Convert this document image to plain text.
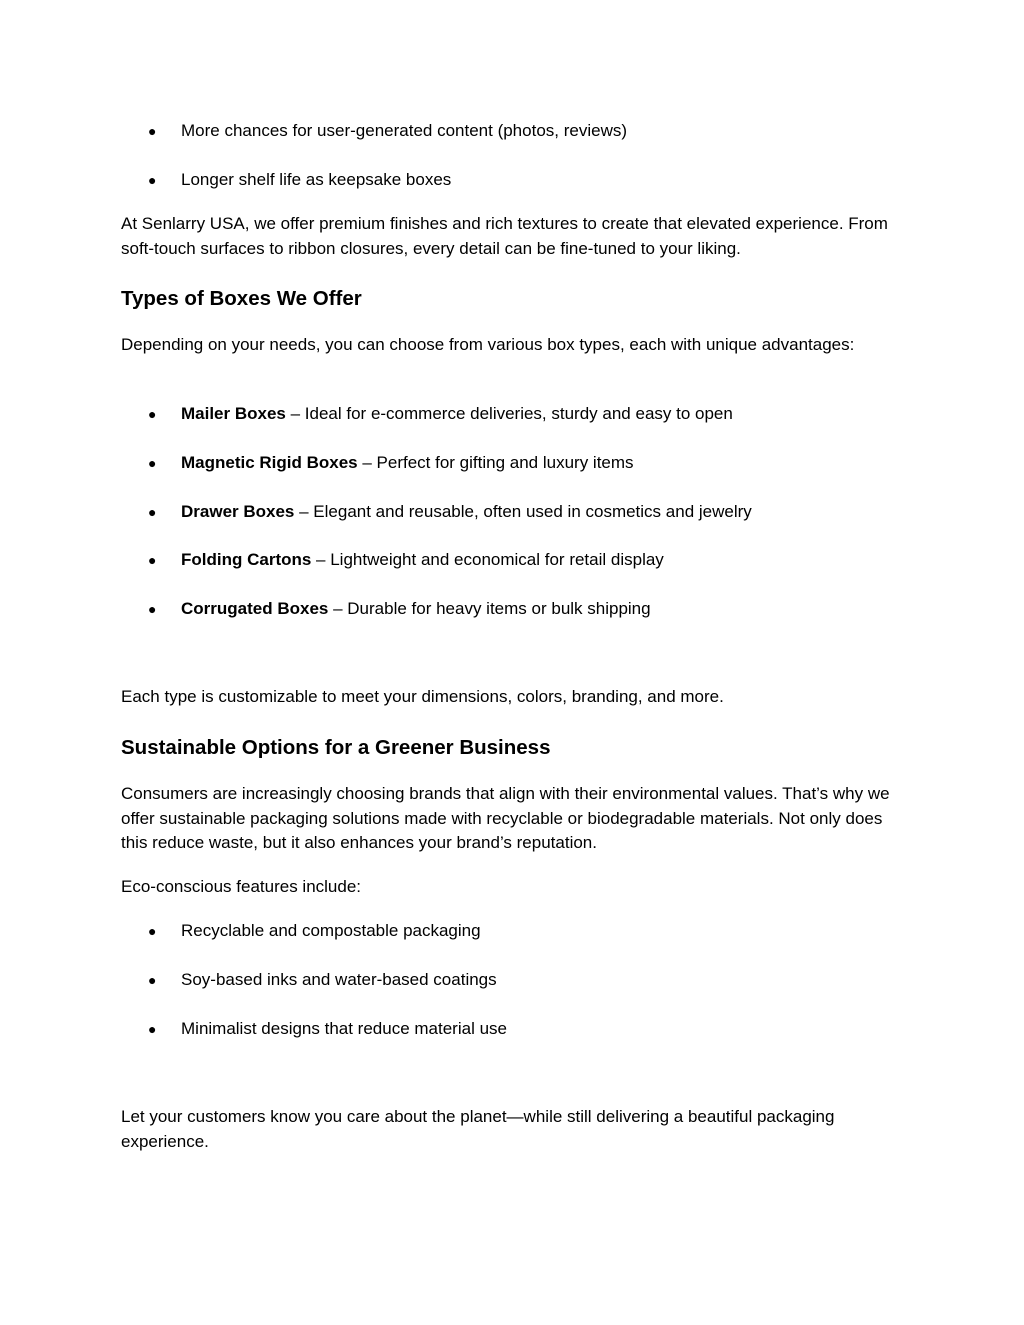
● More chances for user-generated content (photos, reviews)
● Longer shelf life as keepsake boxes
At Senlarry USA, we offer premium finishes and rich textures to create that elevated experience. From soft-touch surfaces to ribbon closures, every detail can be fine-tuned to your liking.
Types of Boxes We Offer
Depending on your needs, you can choose from various box types, each with unique advantages:
● Mailer Boxes – Ideal for e-commerce deliveries, sturdy and easy to open
● Magnetic Rigid Boxes – Perfect for gifting and luxury items
● Drawer Boxes – Elegant and reusable, often used in cosmetics and jewelry
● Folding Cartons – Lightweight and economical for retail display
● Corrugated Boxes – Durable for heavy items or bulk shipping
Each type is customizable to meet your dimensions, colors, branding, and more.
Sustainable Options for a Greener Business
Consumers are increasingly choosing brands that align with their environmental values. That’s why we offer sustainable packaging solutions made with recyclable or biodegradable materials. Not only does this reduce waste, but it also enhances your brand’s reputation.
Eco-conscious features include:
● Recyclable and compostable packaging
● Soy-based inks and water-based coatings
● Minimalist designs that reduce material use
Let your customers know you care about the planet—while still delivering a beautiful packaging experience.
